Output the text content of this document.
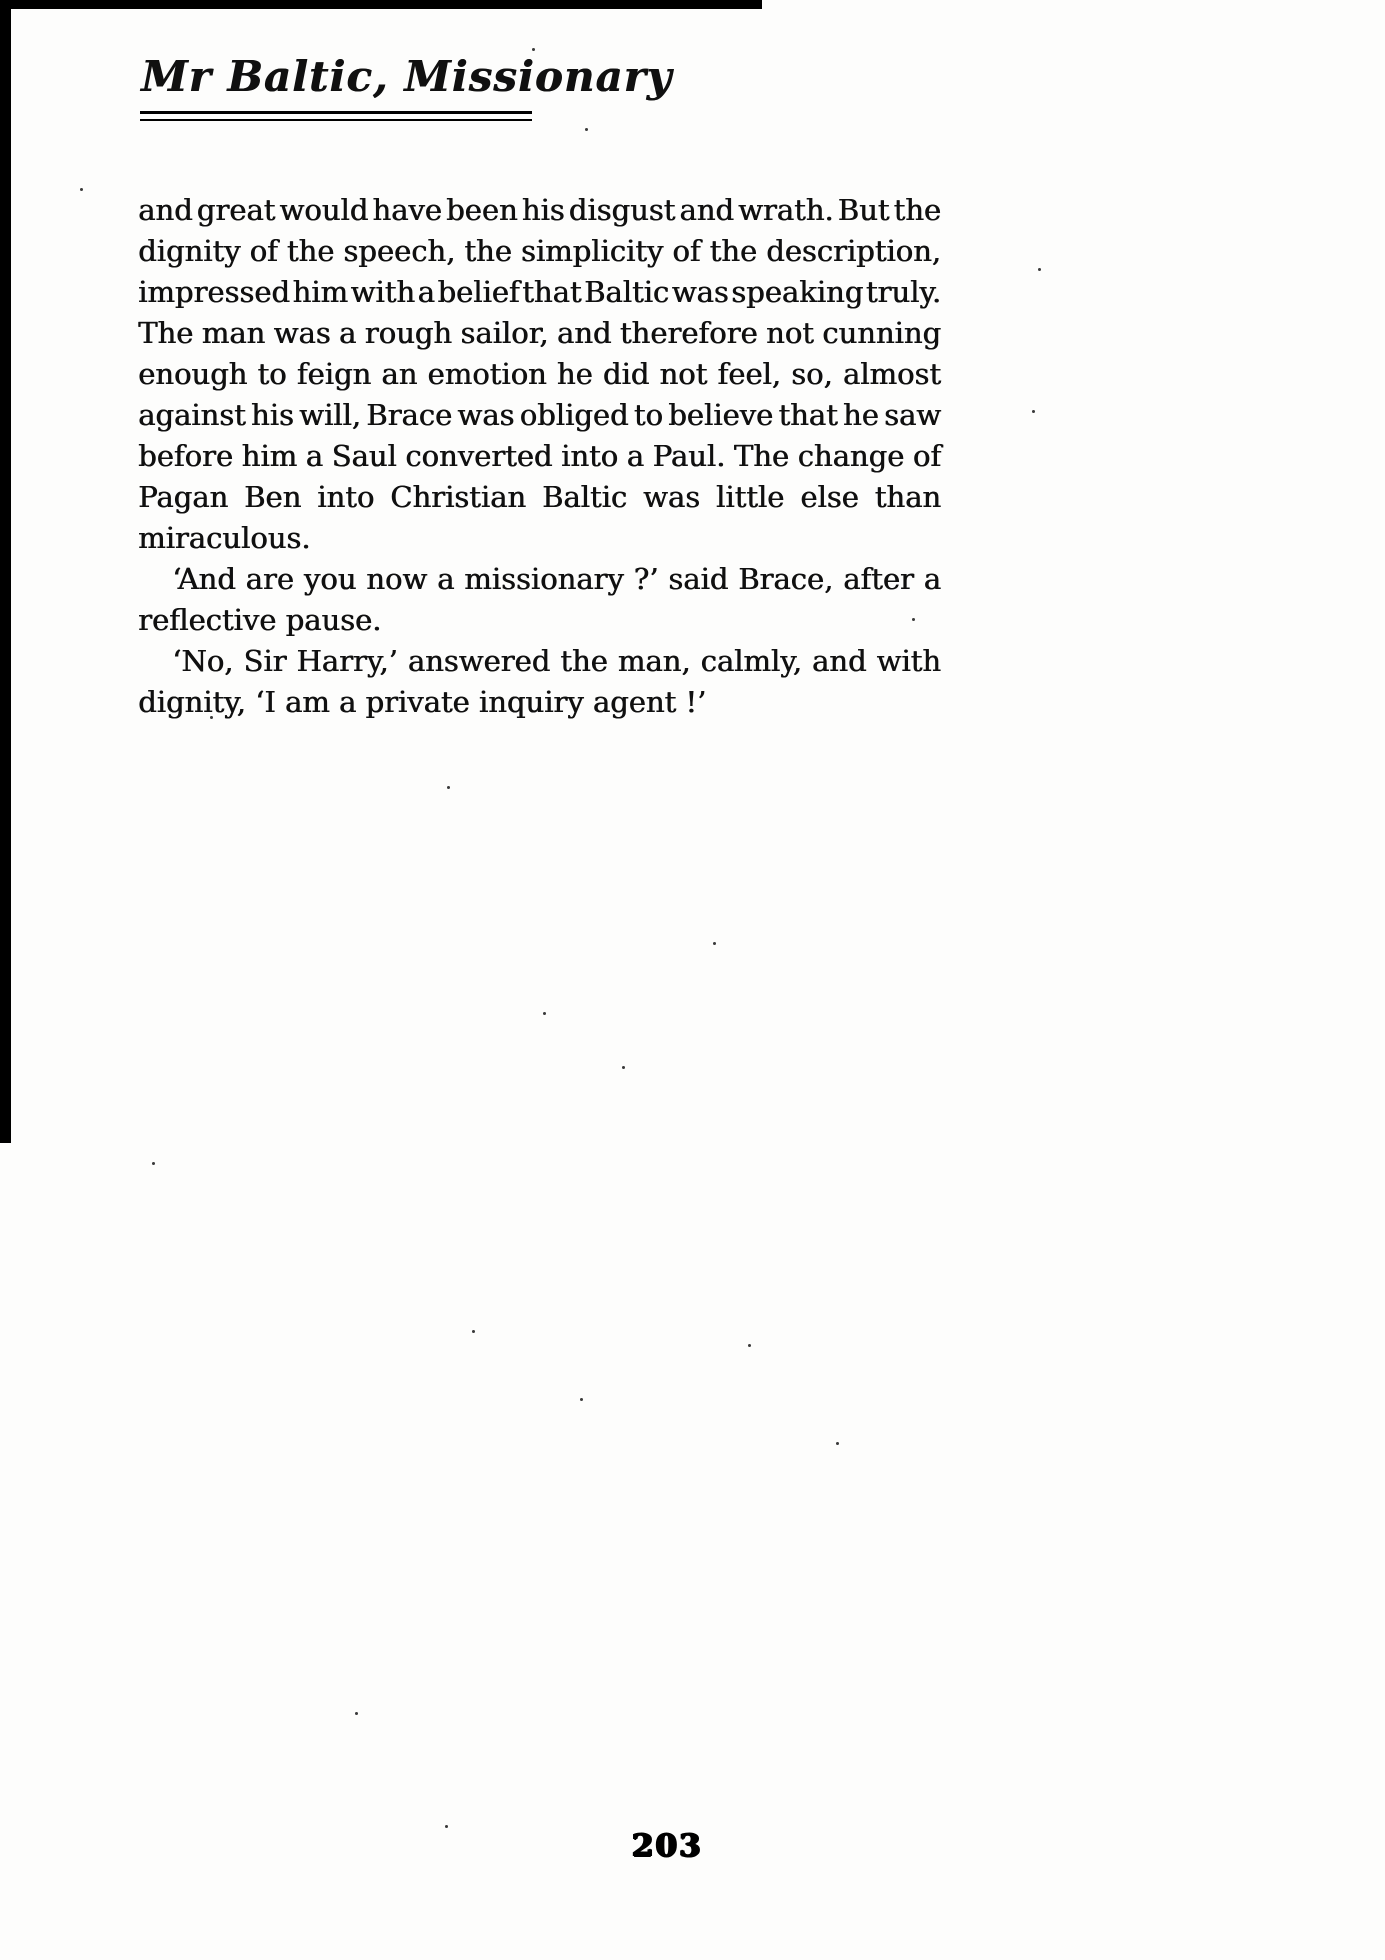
Mr Baltic, Missionary
and great would have been his disgust and wrath. But the
dignity of the speech, the simplicity of the description,
impressed him with a belief that Baltic was speaking truly.
The man was a rough sailor, and therefore not cunning
enough to feign an emotion he did not feel, so, almost
against his will, Brace was obliged to believe that he saw
before him a Saul converted into a Paul. The change of
Pagan Ben into Christian Baltic was little else than
miraculous.
‘And are you now a missionary ?’ said Brace, after a
reflective pause.
‘No, Sir Harry,’ answered the man, calmly, and with
dignity, ‘I am a private inquiry agent !’
203
